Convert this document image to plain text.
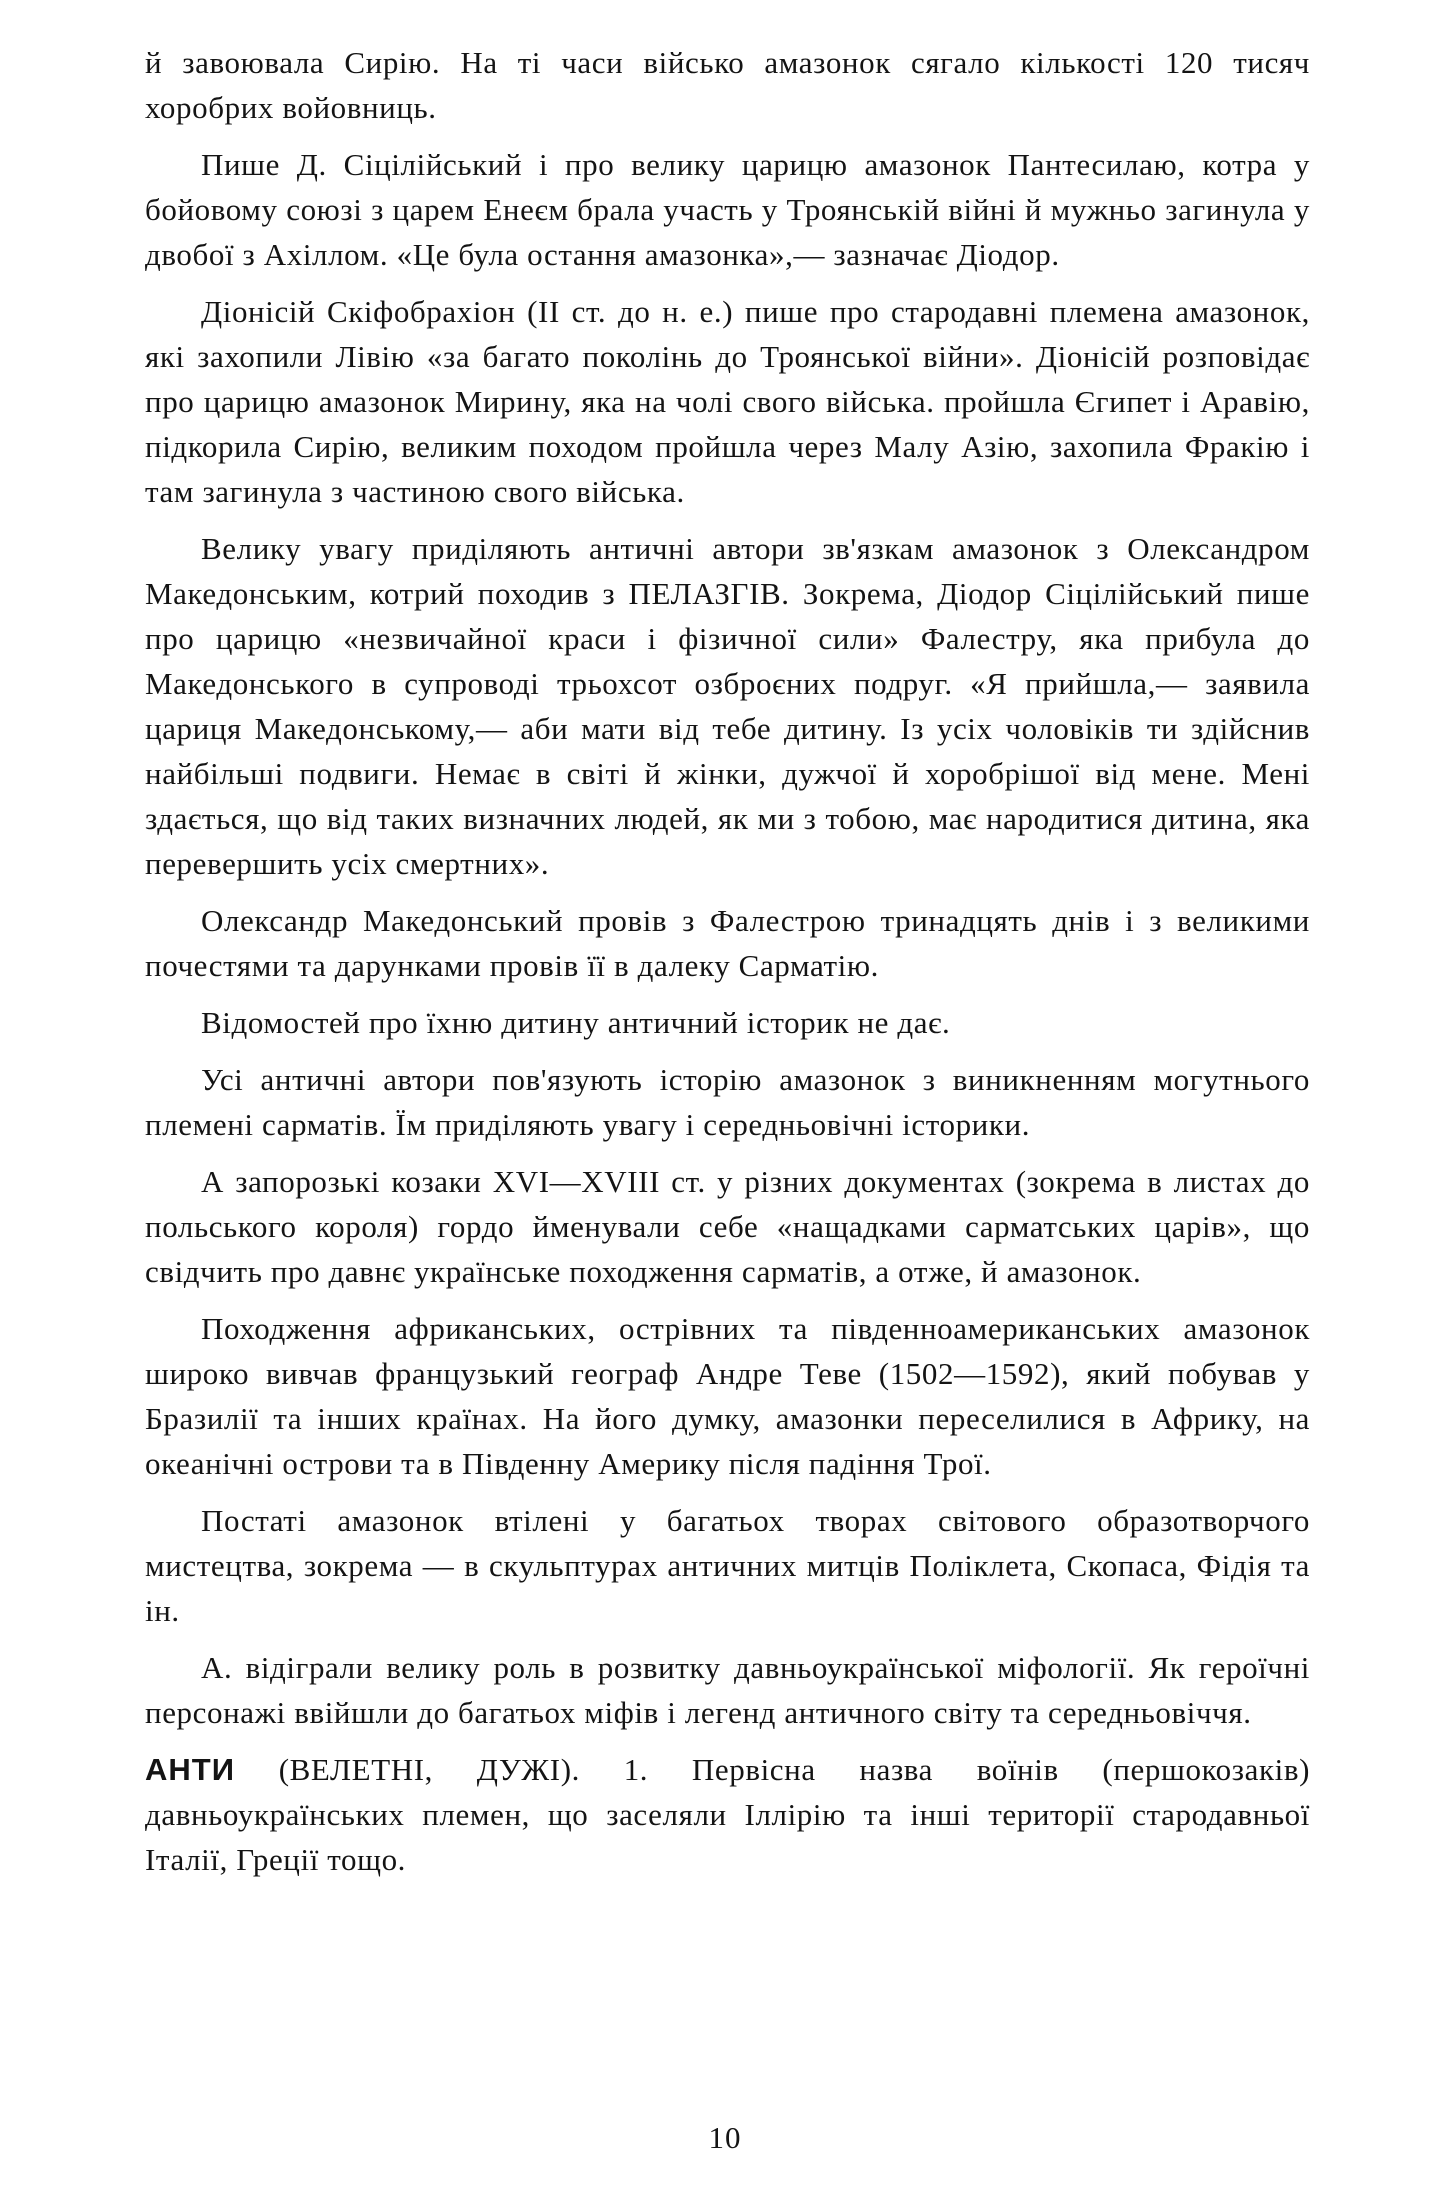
й завоювала Сирію. На ті часи військо амазонок сягало кількості 120 тисяч хоробрих войовниць.

Пише Д. Сіцілійський і про велику царицю амазонок Пантесилаю, котра у бойовому союзі з царем Енеєм брала участь у Троянській війні й мужньо загинула у двобої з Ахіллом. «Це була остання амазонка»,— зазначає Діодор.

Діонісій Скіфобрахіон (II ст. до н. е.) пише про стародавні племена амазонок, які захопили Лівію «за багато поколінь до Троянської війни». Діонісій розповідає про царицю амазонок Мирину, яка на чолі свого війська. пройшла Єгипет і Аравію, підкорила Сирію, великим походом пройшла через Малу Азію, захопила Фракію і там загинула з частиною свого війська.

Велику увагу приділяють античні автори зв'язкам амазонок з Олександром Македонським, котрий походив з ПЕЛАЗГІВ. Зокрема, Діодор Сіцілійський пише про царицю «незвичайної краси і фізичної сили» Фалестру, яка прибула до Македонського в супроводі трьохсот озброєних подруг. «Я прийшла,— заявила цариця Македонському,— аби мати від тебе дитину. Із усіх чоловіків ти здійснив найбільші подвиги. Немає в світі й жінки, дужчої й хоробрішої від мене. Мені здається, що від таких визначних людей, як ми з тобою, має народитися дитина, яка перевершить усіх смертних».

Олександр Македонський провів з Фалестрою тринадцять днів і з великими почестями та дарунками провів її в далеку Сарматію.

Відомостей про їхню дитину античний історик не дає.

Усі античні автори пов'язують історію амазонок з виникненням могутнього племені сарматів. Їм приділяють увагу і середньовічні історики.

А запорозькі козаки XVI—XVIII ст. у різних документах (зокрема в листах до польського короля) гордо йменували себе «нащадками сарматських царів», що свідчить про давнє українське походження сарматів, а отже, й амазонок.

Походження африканських, острівних та південноамериканських амазонок широко вивчав французький географ Андре Теве (1502—1592), який побував у Бразилії та інших країнах. На його думку, амазонки переселилися в Африку, на океанічні острови та в Південну Америку після падіння Трої.

Постаті амазонок втілені у багатьох творах світового образотворчого мистецтва, зокрема — в скульптурах античних митців Поліклета, Скопаса, Фідія та ін.

А. відіграли велику роль в розвитку давньоукраїнської міфології. Як героїчні персонажі ввійшли до багатьох міфів і легенд античного світу та середньовіччя.

АНТИ (ВЕЛЕТНІ, ДУЖІ). 1. Первісна назва воїнів (першокозаків) давньоукраїнських племен, що заселяли Іллірію та інші території стародавньої Італії, Греції тощо.

10
